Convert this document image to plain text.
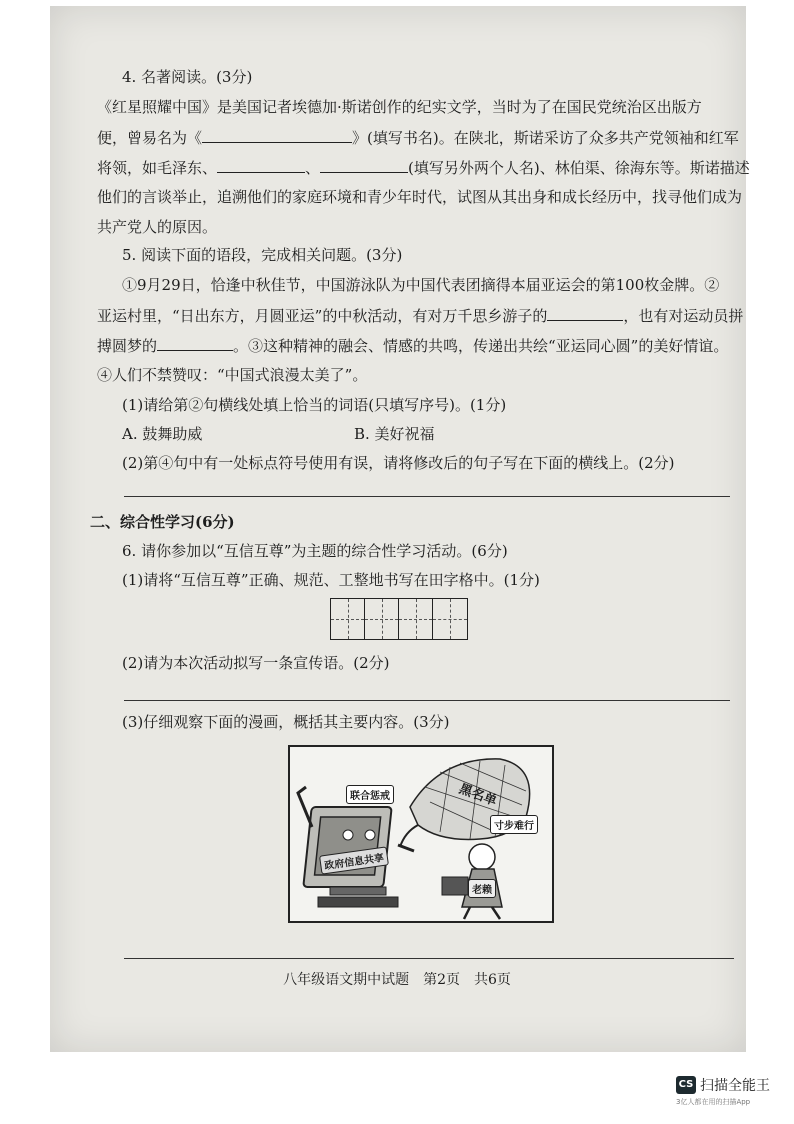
4. 名著阅读。(3分)
《红星照耀中国》是美国记者埃德加·斯诺创作的纪实文学，当时为了在国民党统治区出版方
便，曾易名为《	》(填写书名)。在陕北，斯诺采访了众多共产党领袖和红军
将领，如毛泽东、	、	(填写另外两个人名)、林伯渠、徐海东等。斯诺描述
他们的言谈举止，追溯他们的家庭环境和青少年时代，试图从其出身和成长经历中，找寻他们成为
共产党人的原因。
5. 阅读下面的语段，完成相关问题。(3分)
①9月29日，恰逢中秋佳节，中国游泳队为中国代表团摘得本届亚运会的第100枚金牌。②
亚运村里，“日出东方，月圆亚运”的中秋活动，有对万千思乡游子的	，也有对运动员拼
搏圆梦的	。③这种精神的融会、情感的共鸣，传递出共绘“亚运同心圆”的美好情谊。
④人们不禁赞叹：“中国式浪漫太美了”。
(1)请给第②句横线处填上恰当的词语(只填写序号)。(1分)
A. 鼓舞助威	B. 美好祝福
(2)第④句中有一处标点符号使用有误，请将修改后的句子写在下面的横线上。(2分)
二、综合性学习(6分)
6. 请你参加以“互信互尊”为主题的综合性学习活动。(6分)
(1)请将“互信互尊”正确、规范、工整地书写在田字格中。(1分)
(2)请为本次活动拟写一条宣传语。(2分)
(3)仔细观察下面的漫画，概括其主要内容。(3分)
联合惩戒	黑名单
寸步难行
政府信息共享
老赖
八年级语文期中试题　第2页　共6页
CS 扫描全能王
3亿人都在用的扫描App
